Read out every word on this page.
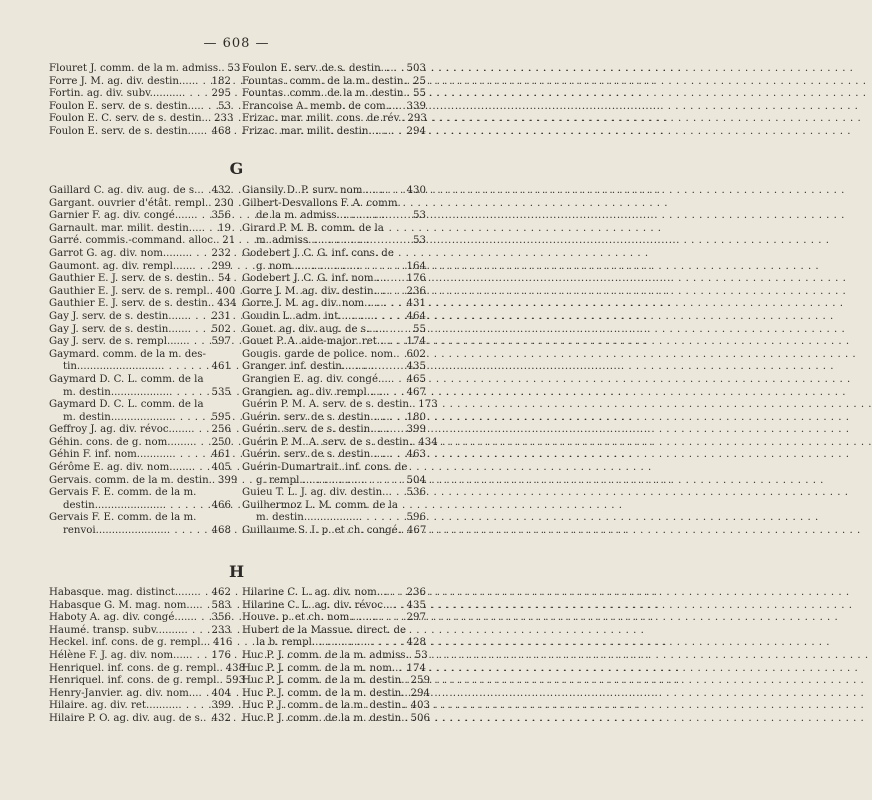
— 608 —
Flouret J. comm. de la m. admiss. . . . 53
Forre J. M. ag. div. destin..... . . . 182
Fortin. ag. div. subv.......... . . .	295
Foulon E. serv. de s. destin.... . . . 53
Foulon E. C. serv. de s. destin.. . . . 233
Foulon E. serv. de s. destin..... . . . 468
Foulon E. serv. de s. destin.... . . . 503
Fountas. comm. de la m. destin. . . . 25
Fountas. comm. de la m. destin. . . . 55
Francoise A. memb. de com.... . . . 339
Frizac. mar. milit. cons. de rév. . . . 293
Frizac. mar. milit. destin....... . . . 294
G
Gaillard C. ag. div. aug. de s.. . . . 432
Gargant. ouvrier d'étât. rempl. . . . 230
Garnier F. ag. div. congé...... . . . 356
Garnault. mar. milit. destin.... . . . 19
Garré. commis.-command. alloc. . . . 21
Garrot G. ag. div. nom........ . . . 232
Gaumont. ag. div. rempl...... . . . 299
Gauthier E. J. serv. de s. destin. . . . 54
Gauthier E. J. serv. de s. rempl. . . . 400
Gauthier E. J. serv. de s. destin. . . . 434
Gay J. serv. de s. destin...... . . . 231
Gay J. serv. de s. destin...... . . . 502
Gay J. serv. de s. rempl...... . . . 597
Gaymard. comm. de la m. des-
tin.......................... . . .	461
Gaymard D. C. L. comm. de la
m. destin.................. . . .	535
Gaymard D. C. L. comm. de la
m. destin................... . . .	595
Geffroy J. ag. div. révoc....... . . . 256
Géhin. cons. de g. nom........ . . . 250
Géhin F. inf. nom........... . . .	461
Gérôme E. ag. div. nom....... . . . 405
Gervais. comm. de la m. destin. . . . 399
Gervais F. E. comm. de la m.
destin..................... . . .	466
Gervais F. E. comm. de la m.
renvoi...................... . . .	468
Giansily D. P. surv. nom....... . . . 430
Gilbert-Desvallons F. A. comm.
de la m. admiss............... . . .	53
Girard P. M. B. comm. de la
m. admiss................... . . .	53
Godebert J. C. G. inf. cons. de
g. nom..................... . . .	164
Godebert J. C. G. inf. nom.... . . . 176
Gorre J. M. ag. div. destin.... . . . 236
Gorre J. M. ag. div. nom...... . . . 431
Goudin L. adm. int........... . . .	464
Gouet. ag. div. aug. de s...... . . .	55
Gouet P. A. aide-major. ret.... . . . 174
Gougis. garde de police. nom. . . . 602
Granger. inf. destin.......... . . .	435
Grangien E. ag. div. congé.... . . . 465
Grangien. ag. div. rempl...... . . . 467
Guérin P. M. A. serv. de s. destin. . . . 173
Guérin. serv. de s. destin...... . . . 180
Guérin. serv. de s. destin...... . . . 399
Guérin P. M. A. serv. de s. destin. . . . 434
Guérin. serv. de s. destin...... . . . 463
Guérin-Dumartrait. inf. cons. de
g. rempl.................... . . .	504
Guieu T. L. J. ag. div. destin.. . . . 536
Guilhermoz L. M. comm. de la
m. destin................. . . .	596
Guillaume S. I. p. et ch. congé. . . . 467
H
Habasque. mag. distinct....... . . . 462
Habasque G. M. mag. nom.... . . . 583
Haboty A. ag. div. congé...... . . . 356
Haumé. transp. subv......... . . .	233
Heckel. inf. cons. de g. rempl.. . . . 416
Hélène F. J. ag. div. nom..... . . . 176
Henriquel. inf. cons. de g. rempl. . . . 438
Henriquel. inf. cons. de g. rempl. . . . 593
Henry-Janvier. ag. div. nom... . . . 404
Hilaire. ag. div. ret.......... . . .	399
Hilaire P. O. ag. div. aug. de s. . . . 432
Hilarine C. L. ag. div. nom.... . . . 236
Hilarine C. L. ag. div. révoc... . . . 435
Houve. p. et ch. nom......... . . .	297
Hubert de la Massue. direct. de
la b. rempl.................. . . .	428
Huc P. J. comm. de la m. admiss. . . . 53
Huc P. J. comm. de la m. nom.. . . . 174
Huc P. J. comm. de la m. destin. . . . 259
Huc P. J. comm. de la m. destin. . . . 294
Huc P. J. comm. de la m. destin. . . . 403
Huc P. J. comm. de la m. destin. . . . 506
